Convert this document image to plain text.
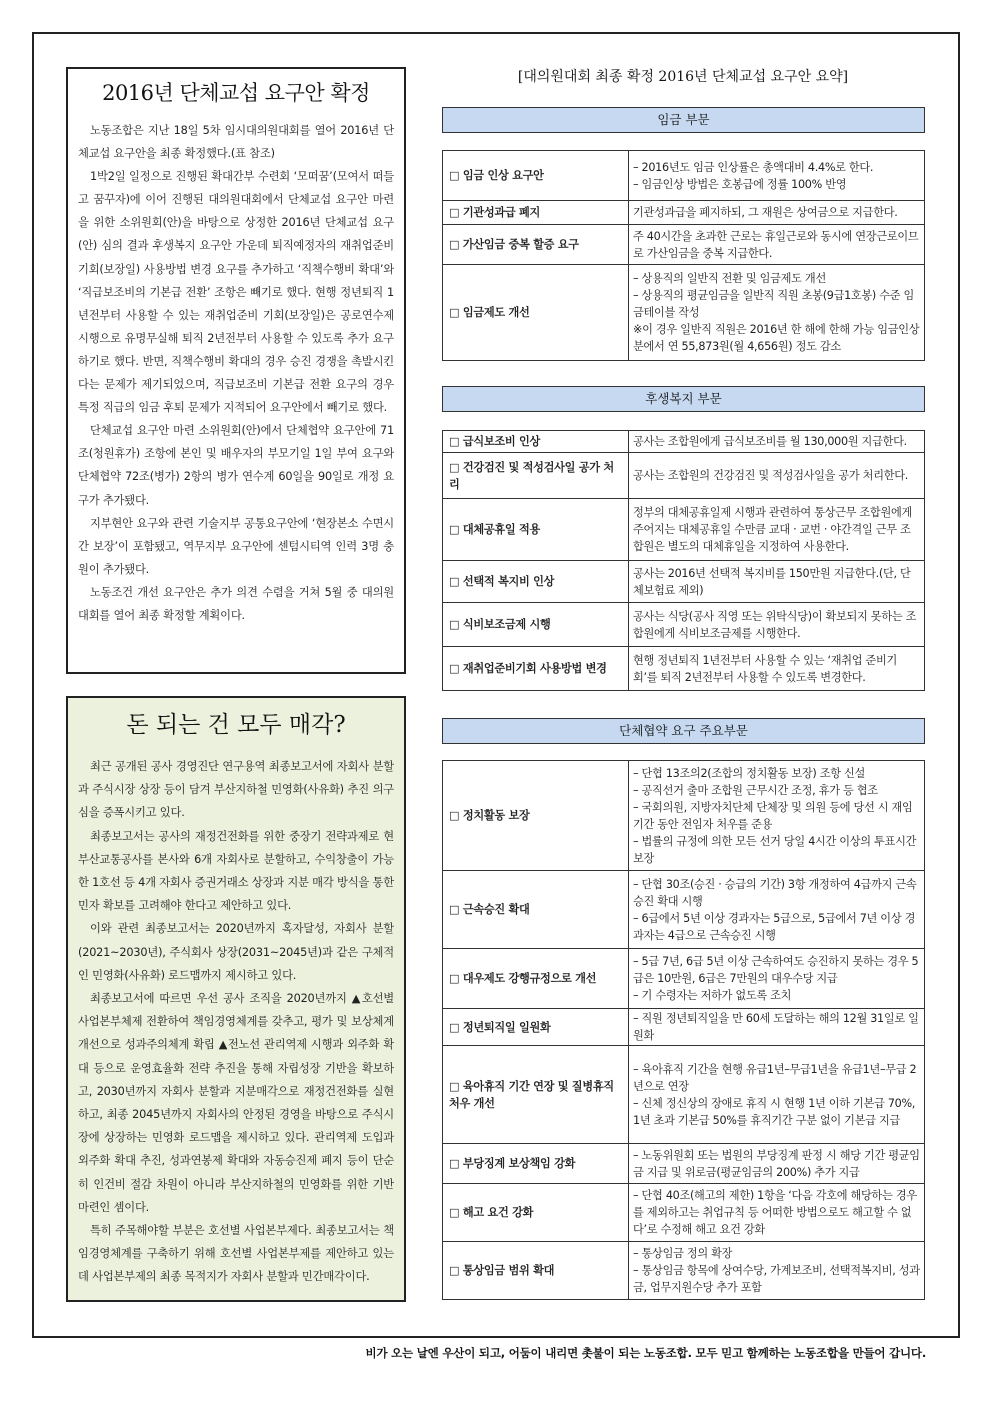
2016년 단체교섭 요구안 확정

노동조합은 지난 18일 5차 임시대의원대회를 열어 2016년 단체교섭 요구안을 최종 확정했다.(표 참조)

1박2일 일정으로 진행된 확대간부 수련회 ‘모떠꿈’(모여서 떠들고 꿈꾸자)에 이어 진행된 대의원대회에서 단체교섭 요구안 마련을 위한 소위원회(안)을 바탕으로 상정한 2016년 단체교섭 요구(안) 심의 결과 후생복지 요구안 가운데 퇴직예정자의 재취업준비 기회(보장일) 사용방법 변경 요구를 추가하고 ‘직책수행비 확대’와 ‘직급보조비의 기본급 전환’ 조항은 빼기로 했다. 현행 정년퇴직 1년전부터 사용할 수 있는 재취업준비 기회(보장일)은 공로연수제 시행으로 유명무실해 퇴직 2년전부터 사용할 수 있도록 추가 요구하기로 했다. 반면, 직책수행비 확대의 경우 승진 경쟁을 촉발시킨다는 문제가 제기되었으며, 직급보조비 기본급 전환 요구의 경우 특정 직급의 임금 후퇴 문제가 지적되어 요구안에서 빼기로 했다.

단체교섭 요구안 마련 소위원회(안)에서 단체협약 요구안에 71조(청원휴가) 조항에 본인 및 배우자의 부모기일 1일 부여 요구와 단체협약 72조(병가) 2항의 병가 연수계 60일을 90일로 개정 요구가 추가됐다.

지부현안 요구와 관련 기술지부 공통요구안에 ‘현장본소 수면시간 보장’이 포함됐고, 역무지부 요구안에 센텀시티역 인력 3명 충원이 추가됐다.

노동조건 개선 요구안은 추가 의견 수렴을 거쳐 5월 중 대의원대회를 열어 최종 확정할 계획이다.

돈 되는 건 모두 매각?

최근 공개된 공사 경영진단 연구용역 최종보고서에 자회사 분할과 주식시장 상장 등이 담겨 부산지하철 민영화(사유화) 추진 의구심을 증폭시키고 있다.

최종보고서는 공사의 재정건전화를 위한 중장기 전략과제로 현 부산교통공사를 본사와 6개 자회사로 분할하고, 수익창출이 가능한 1호선 등 4개 자회사 증권거래소 상장과 지분 매각 방식을 통한 민자 확보를 고려해야 한다고 제안하고 있다.

이와 관련 최종보고서는 2020년까지 혹자달성, 자회사 분할(2021~2030년), 주식회사 상장(2031~2045년)과 같은 구체적인 민영화(사유화) 로드맵까지 제시하고 있다.

최종보고서에 따르면 우선 공사 조직을 2020년까지 ▲호선별 사업본부체제 전환하여 책임경영체계를 갖추고, 평가 및 보상체계 개선으로 성과주의체계 확립 ▲전노선 관리역제 시행과 외주화 확대 등으로 운영효율화 전략 추진을 통해 자립성장 기반을 확보하고, 2030년까지 자회사 분할과 지분매각으로 재정건전화를 실현하고, 최종 2045년까지 자회사의 안정된 경영을 바탕으로 주식시장에 상장하는 민영화 로드맵을 제시하고 있다. 관리역제 도입과 외주화 확대 추진, 성과연봉제 확대와 자동승진제 폐지 등이 단순히 인건비 절감 차원이 아니라 부산지하철의 민영화를 위한 기반 마련인 셈이다.

특히 주목해야할 부분은 호선별 사업본부제다. 최종보고서는 책임경영체계를 구축하기 위해 호선별 사업본부제를 제안하고 있는데 사업본부제의 최종 목적지가 자회사 분할과 민간매각이다.

[대의원대회 최종 확정 2016년 단체교섭 요구안 요약]
임금 부문
□ 임금 인상 요구안	– 2016년도 임금 인상률은 총액대비 4.4%로 한다.

– 임금인상 방법은 호봉급에 정률 100% 반영

□ 기관성과급 폐지	기관성과급을 폐지하되, 그 재원은 상여금으로 지급한다.

□ 가산임금 중복 할증 요구	주 40시간을 초과한 근로는 휴일근로와 동시에 연장근로이므로 가산임금을 중복 지급한다.

□ 임금제도 개선	– 상용직의 일반직 전환 및 임금제도 개선

– 상용직의 평균임금을 일반직 직원 초봉(9급1호봉) 수준 임금테이블 작성

※이 경우 일반직 직원은 2016년 한 해에 한해 가능 임금인상분에서 연 55,873원(월 4,656원) 정도 감소

후생복지 부문
□ 급식보조비 인상	공사는 조합원에게 급식보조비를 월 130,000원 지급한다.

□ 건강검진 및 적성검사일 공가 처리	공사는 조합원의 건강검진 및 적성검사일을 공가 처리한다.

□ 대체공휴일 적용	정부의 대체공휴일제 시행과 관련하여 통상근무 조합원에게 주어지는 대체공휴일 수만큼 교대 · 교번 · 야간격일 근무 조합원은 별도의 대체휴일을 지정하여 사용한다.

□ 선택적 복지비 인상	공사는 2016년 선택적 복지비를 150만원 지급한다.(단, 단체보험료 제외)

□ 식비보조금제 시행	공사는 식당(공사 직영 또는 위탁식당)이 확보되지 못하는 조합원에게 식비보조금제를 시행한다.

□ 재취업준비기회 사용방법 변경	현행 정년퇴직 1년전부터 사용할 수 있는 ‘재취업 준비기회’를 퇴직 2년전부터 사용할 수 있도록 변경한다.

단체협약 요구 주요부문
□ 정치활동 보장	– 단협 13조의2(조합의 정치활동 보장) 조항 신설

– 공직선거 출마 조합원 근무시간 조정, 휴가 등 협조

– 국회의원, 지방자치단체 단체장 및 의원 등에 당선 시 재임기간 동안 전임자 처우를 준용

– 법률의 규정에 의한 모든 선거 당일 4시간 이상의 투표시간 보장

□ 근속승진 확대	– 단협 30조(승진 · 승급의 기간) 3항 개정하여 4급까지 근속승진 확대 시행

– 6급에서 5년 이상 경과자는 5급으로, 5급에서 7년 이상 경과자는 4급으로 근속승진 시행

□ 대우제도 강행규정으로 개선	– 5급 7년, 6급 5년 이상 근속하여도 승진하지 못하는 경우 5급은 10만원, 6급은 7만원의 대우수당 지급

– 기 수령자는 저하가 없도록 조치

□ 정년퇴직일 일원화	– 직원 정년퇴직일을 만 60세 도달하는 해의 12월 31일로 일원화

□ 육아휴직 기간 연장 및 질병휴직 처우 개선	– 육아휴직 기간을 현행 유급1년–무급1년을 유급1년–무급 2년으로 연장

– 신체 정신상의 장애로 휴직 시 현행 1년 이하 기본급 70%, 1년 초과 기본급 50%를 휴직기간 구분 없이 기본급 지급

□ 부당징계 보상책임 강화	– 노동위원회 또는 법원의 부당징계 판정 시 해당 기간 평균임금 지급 및 위로금(평균임금의 200%) 추가 지급

□ 해고 요건 강화	– 단협 40조(해고의 제한) 1항을 ‘다음 각호에 해당하는 경우를 제외하고는 취업규칙 등 어떠한 방법으로도 해고할 수 없다’로 수정해 해고 요건 강화

□ 통상임금 범위 확대	– 통상임금 정의 확장

– 통상임금 항목에 상여수당, 가계보조비, 선택적복지비, 성과금, 업무지원수당 추가 포함

비가 오는 날엔 우산이 되고, 어둠이 내리면 촛불이 되는 노동조합. 모두 믿고 함께하는 노동조합을 만들어 갑니다.
